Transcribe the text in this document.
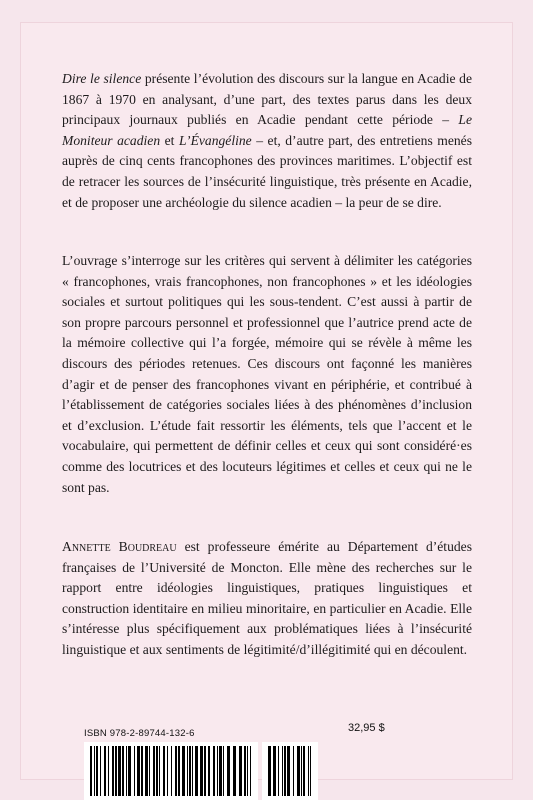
Dire le silence présente l’évolution des discours sur la langue en Acadie de 1867 à 1970 en analysant, d’une part, des textes parus dans les deux principaux journaux publiés en Acadie pendant cette période – Le Moniteur acadien et L’Évangéline – et, d’autre part, des entretiens menés auprès de cinq cents francophones des provinces maritimes. L’objectif est de retracer les sources de l’insécurité linguistique, très présente en Acadie, et de proposer une archéologie du silence acadien – la peur de se dire.
L’ouvrage s’interroge sur les critères qui servent à délimiter les catégories « francophones, vrais francophones, non francophones » et les idéologies sociales et surtout politiques qui les sous-tendent. C’est aussi à partir de son propre parcours personnel et professionnel que l’autrice prend acte de la mémoire collective qui l’a forgée, mémoire qui se révèle à même les discours des périodes retenues. Ces discours ont façonné les manières d’agir et de penser des francophones vivant en périphérie, et contribué à l’établissement de catégories sociales liées à des phénomènes d’inclusion et d’exclusion. L’étude fait ressortir les éléments, tels que l’accent et le vocabulaire, qui permettent de définir celles et ceux qui sont considéré·es comme des locutrices et des locuteurs légitimes et celles et ceux qui ne le sont pas.
Annette Boudreau est professeure émérite au Département d’études françaises de l’Université de Moncton. Elle mène des recherches sur le rapport entre idéologies linguistiques, pratiques linguistiques et construction identitaire en milieu minoritaire, en particulier en Acadie. Elle s’intéresse plus spécifiquement aux problématiques liées à l’insécurité linguistique et aux sentiments de légitimité/d’illégitimité qui en découlent.
ISBN 978-2-89744-132-6	32,95 $
